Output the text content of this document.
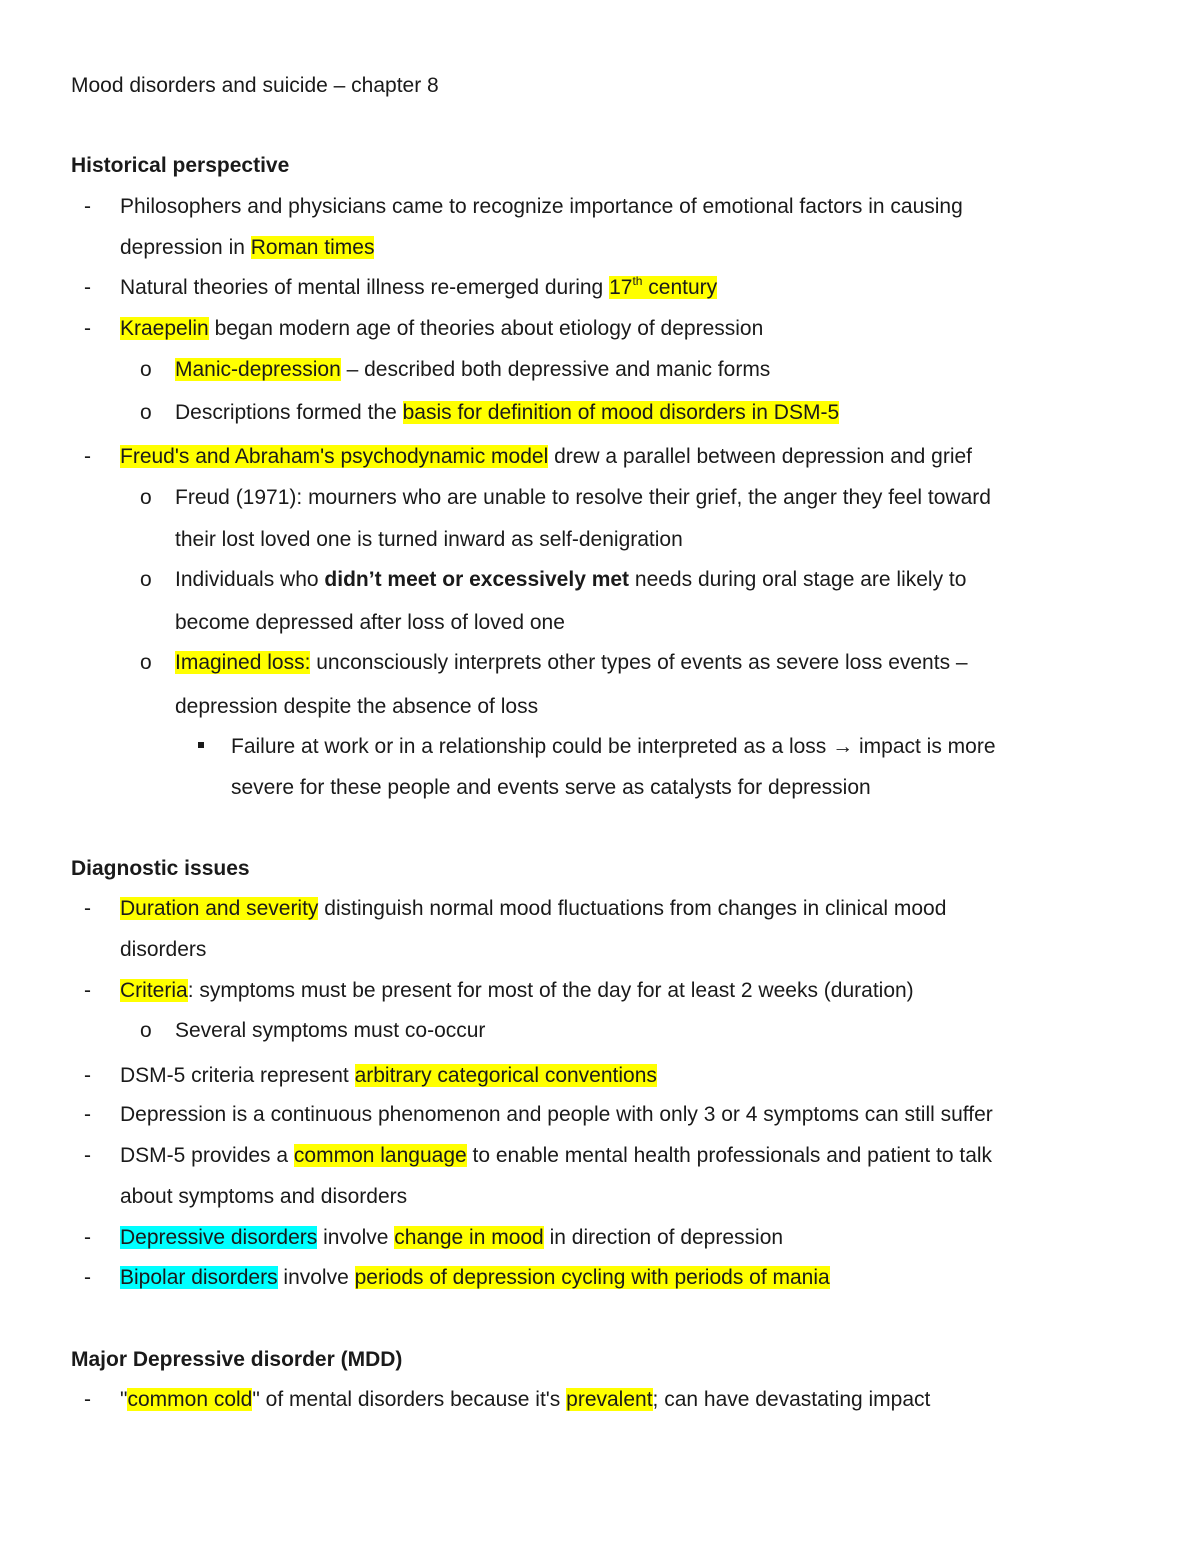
Mood disorders and suicide – chapter 8
Historical perspective
- Philosophers and physicians came to recognize importance of emotional factors in causing
depression in Roman times
- Natural theories of mental illness re-emerged during 17th century
- Kraepelin began modern age of theories about etiology of depression
o Manic-depression – described both depressive and manic forms
o Descriptions formed the basis for definition of mood disorders in DSM-5
- Freud's and Abraham's psychodynamic model drew a parallel between depression and grief
o Freud (1971): mourners who are unable to resolve their grief, the anger they feel toward
their lost loved one is turned inward as self-denigration
o Individuals who didn’t meet or excessively met needs during oral stage are likely to
become depressed after loss of loved one
o Imagined loss: unconsciously interprets other types of events as severe loss events –
depression despite the absence of loss
Failure at work or in a relationship could be interpreted as a loss → impact is more
severe for these people and events serve as catalysts for depression
Diagnostic issues
- Duration and severity distinguish normal mood fluctuations from changes in clinical mood
disorders
- Criteria: symptoms must be present for most of the day for at least 2 weeks (duration)
o Several symptoms must co-occur
- DSM-5 criteria represent arbitrary categorical conventions
- Depression is a continuous phenomenon and people with only 3 or 4 symptoms can still suffer
- DSM-5 provides a common language to enable mental health professionals and patient to talk
about symptoms and disorders
- Depressive disorders involve change in mood in direction of depression
- Bipolar disorders involve periods of depression cycling with periods of mania
Major Depressive disorder (MDD)
- "common cold" of mental disorders because it's prevalent; can have devastating impact
